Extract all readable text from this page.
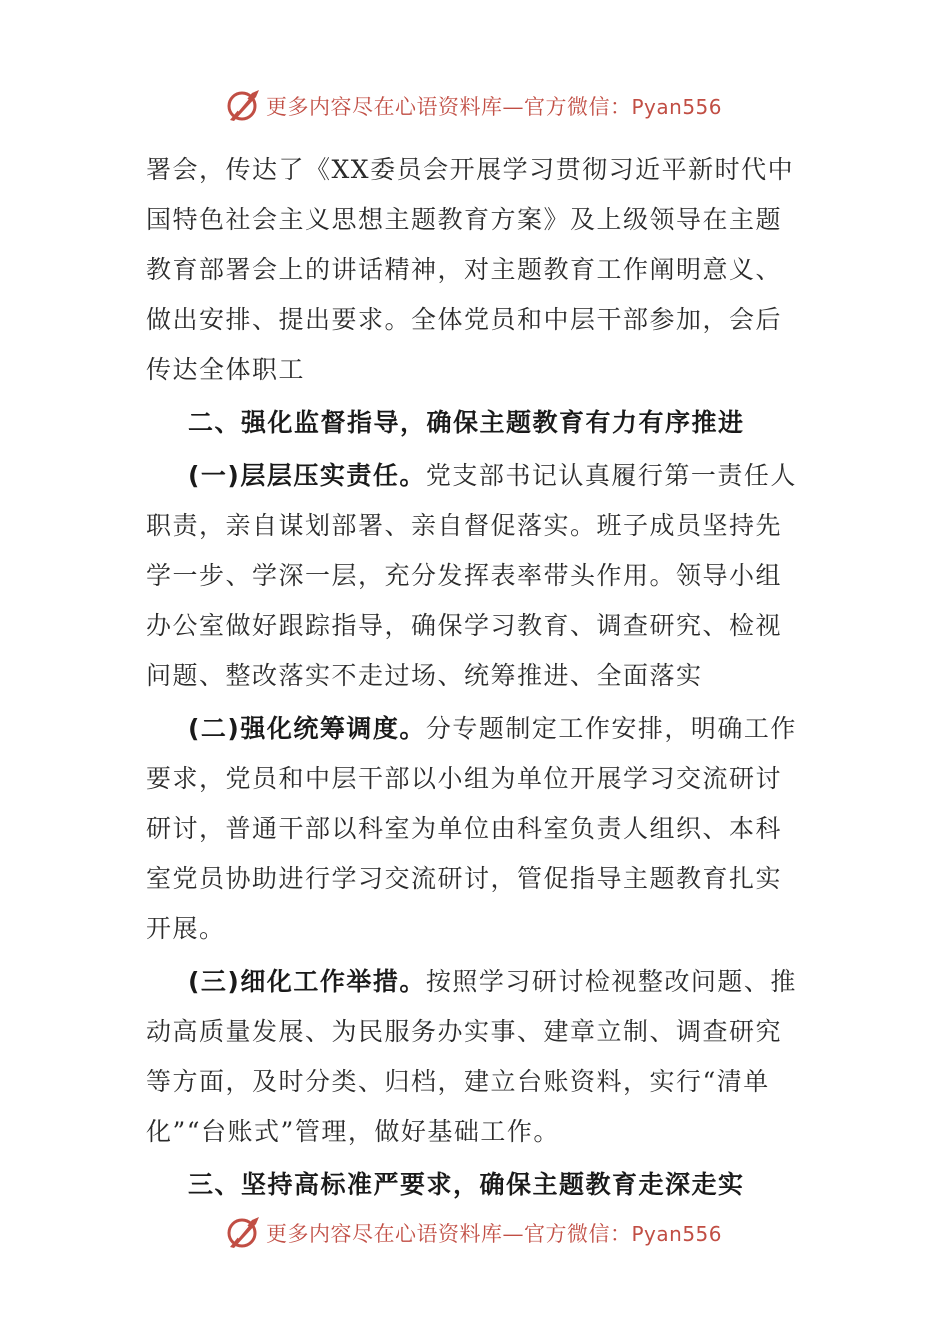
更多内容尽在心语资料库—官方微信：Pyan556

署会，传达了《XX委员会开展学习贯彻习近平新时代中国特色社会主义思想主题教育方案》及上级领导在主题教育部署会上的讲话精神，对主题教育工作阐明意义、做出安排、提出要求。全体党员和中层干部参加，会后传达全体职工

二、强化监督指导，确保主题教育有力有序推进

(一)层层压实责任。党支部书记认真履行第一责任人职责，亲自谋划部署、亲自督促落实。班子成员坚持先学一步、学深一层，充分发挥表率带头作用。领导小组办公室做好跟踪指导，确保学习教育、调查研究、检视问题、整改落实不走过场、统筹推进、全面落实

(二)强化统筹调度。分专题制定工作安排，明确工作要求，党员和中层干部以小组为单位开展学习交流研讨研讨，普通干部以科室为单位由科室负责人组织、本科室党员协助进行学习交流研讨，管促指导主题教育扎实开展。

(三)细化工作举措。按照学习研讨检视整改问题、推动高质量发展、为民服务办实事、建章立制、调查研究等方面，及时分类、归档，建立台账资料，实行“清单化”“台账式”管理，做好基础工作。

三、坚持高标准严要求，确保主题教育走深走实

更多内容尽在心语资料库—官方微信：Pyan556
